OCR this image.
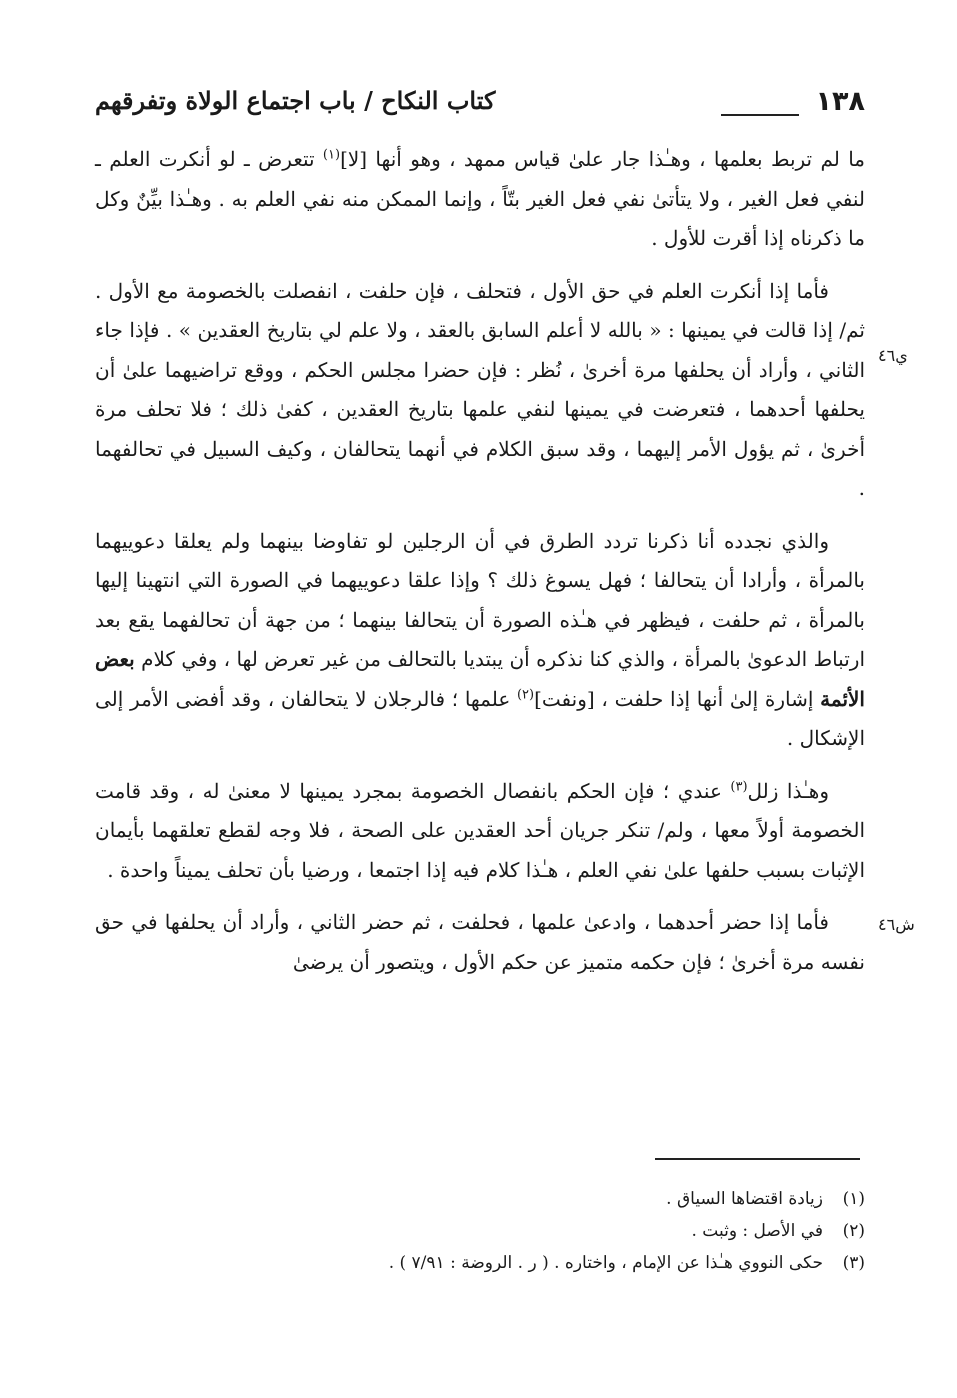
١٣٨
كتاب النكاح / باب اجتماع الولاة وتفرقهم

ما لم تربط بعلمها ، وهـٰذا جار علىٰ قياس ممهد ، وهو أنها [لا]$^{(١)}$ تتعرض ـ لو أنكرت العلم ـ لنفي فعل الغير ، ولا يتأتىٰ نفي فعل الغير بتّاً ، وإنما الممكن منه نفي العلم به . وهـٰذا بيِّنٌ وكل ما ذكرناه إذا أقرت للأول .

فأما إذا أنكرت العلم في حق الأول ، فتحلف ، فإن حلفت ، انفصلت بالخصومة مع الأول . ثم/ إذا قالت في يمينها : « بالله لا أعلم السابق بالعقد ، ولا علم لي بتاريخ العقدين » . فإذا جاء الثاني ، وأراد أن يحلفها مرة أخرىٰ ، نُظر : فإن حضرا مجلس الحكم ، ووقع تراضيهما علىٰ أن يحلفها أحدهما ، فتعرضت في يمينها لنفي علمها بتاريخ العقدين ، كفىٰ ذلك ؛ فلا تحلف مرة أخرىٰ ، ثم يؤول الأمر إليهما ، وقد سبق الكلام في أنهما يتحالفان ، وكيف السبيل في تحالفهما .

والذي نجدده أنا ذكرنا تردد الطرق في أن الرجلين لو تفاوضا بينهما ولم يعلقا دعوييهما بالمرأة ، وأرادا أن يتحالفا ؛ فهل يسوغ ذلك ؟ وإذا علقا دعوييهما في الصورة التي انتهينا إليها بالمرأة ، ثم حلفت ، فيظهر في هـٰذه الصورة أن يتحالفا بينهما ؛ من جهة أن تحالفهما يقع بعد ارتباط الدعوىٰ بالمرأة ، والذي كنا نذكره أن يبتديا بالتحالف من غير تعرض لها ، وفي كلام بعض الأئمة إشارة إلىٰ أنها إذا حلفت ، [ونفت]$^{(٢)}$ علمها ؛ فالرجلان لا يتحالفان ، وقد أفضى الأمر إلى الإشكال .

وهـٰذا زلل$^{(٣)}$ عندي ؛ فإن الحكم بانفصال الخصومة بمجرد يمينها لا معنىٰ له ، وقد قامت الخصومة أولاً معها ، ولم/ تنكر جريان أحد العقدين على الصحة ، فلا وجه لقطع تعلقهما بأيمان الإثبات بسبب حلفها علىٰ نفي العلم ، هـٰذا كلام فيه إذا اجتمعا ، ورضيا بأن تحلف يميناً واحدة .

فأما إذا حضر أحدهما ، وادعىٰ علمها ، فحلفت ، ثم حضر الثاني ، وأراد أن يحلفها في حق نفسه مرة أخرىٰ ؛ فإن حكمه متميز عن حكم الأول ، ويتصور أن يرضىٰ

ي٤٦
ش٤٦
(١)زيادة اقتضاها السياق .
(٢)في الأصل : وثبت .
(٣)حكى النووي هـٰذا عن الإمام ، واختاره . ( ر . الروضة : ٧/٩١ ) .
